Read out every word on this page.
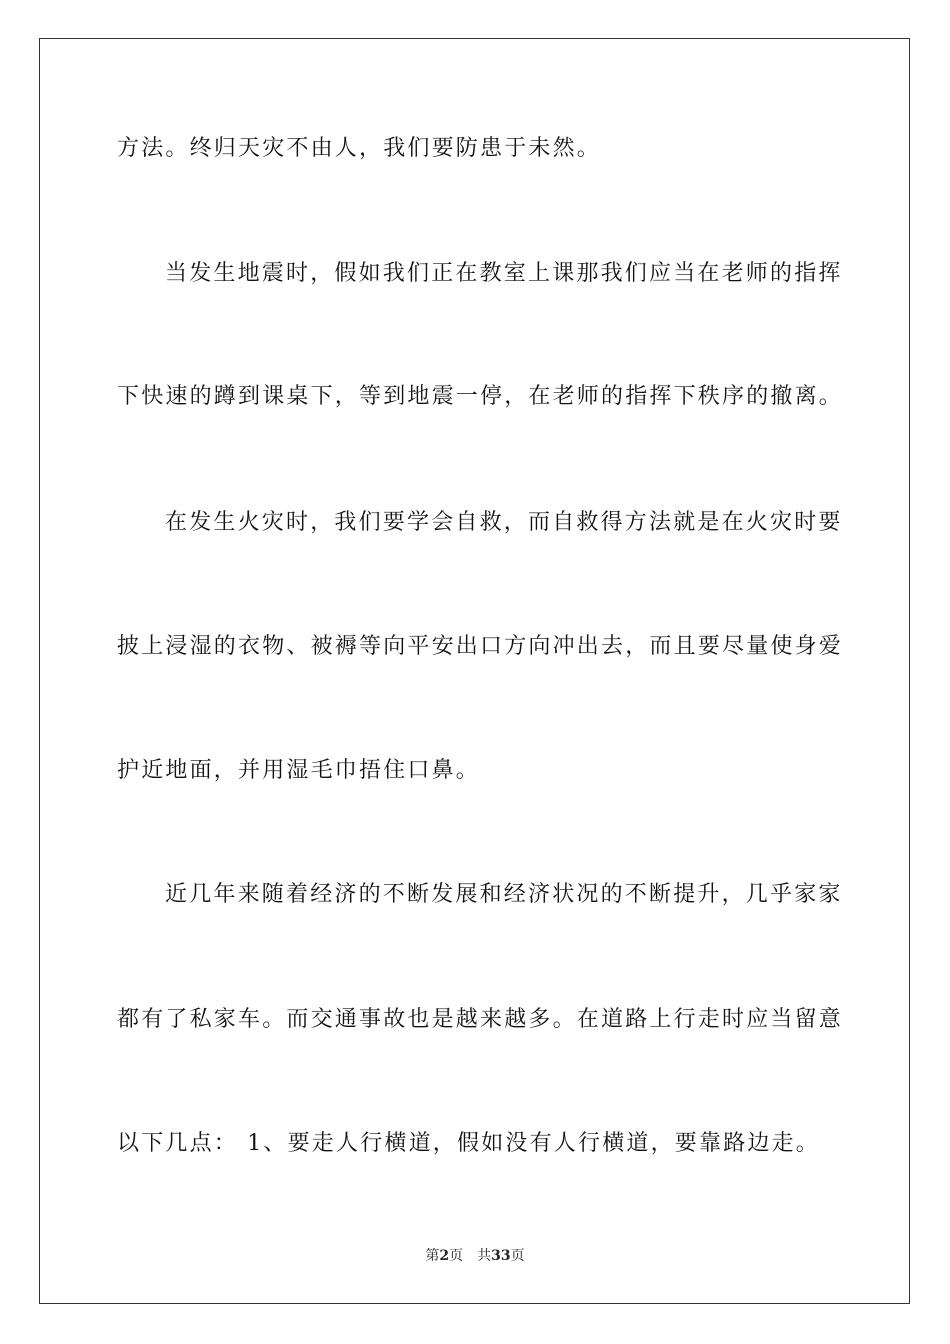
方法。终归天灾不由人，我们要防患于未然。
当发生地震时，假如我们正在教室上课那我们应当在老师的指挥
下快速的蹲到课桌下，等到地震一停，在老师的指挥下秩序的撤离。
在发生火灾时，我们要学会自救，而自救得方法就是在火灾时要
披上浸湿的衣物、被褥等向平安出口方向冲出去，而且要尽量使身爱
护近地面，并用湿毛巾捂住口鼻。
近几年来随着经济的不断发展和经济状况的不断提升，几乎家家
都有了私家车。而交通事故也是越来越多。在道路上行走时应当留意
以下几点： 1、要走人行横道，假如没有人行横道，要靠路边走。
第2页 共33页
